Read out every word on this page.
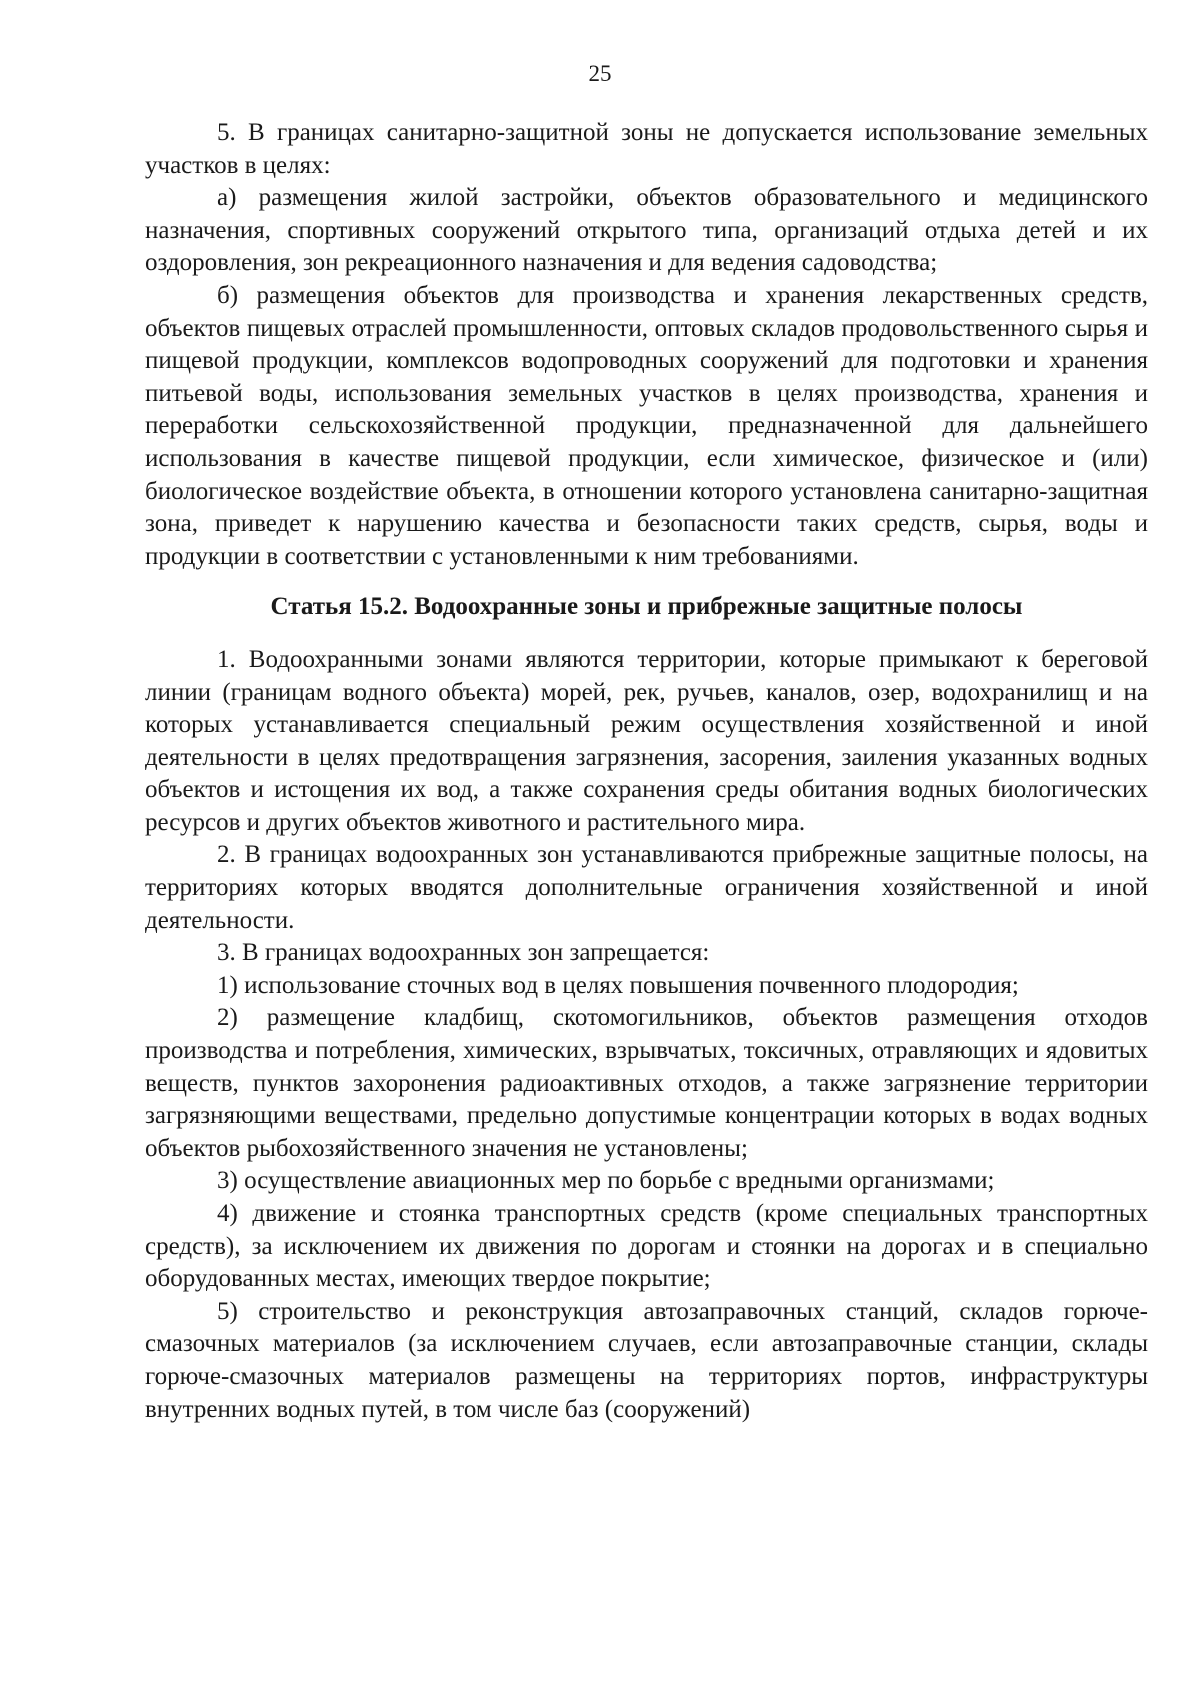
25

5. В границах санитарно-защитной зоны не допускается использование земельных участков в целях:

а) размещения жилой застройки, объектов образовательного и медицинского назначения, спортивных сооружений открытого типа, организаций отдыха детей и их оздоровления, зон рекреационного назначения и для ведения садоводства;

б) размещения объектов для производства и хранения лекарственных средств, объектов пищевых отраслей промышленности, оптовых складов продовольственного сырья и пищевой продукции, комплексов водопроводных сооружений для подготовки и хранения питьевой воды, использования земельных участков в целях производства, хранения и переработки сельскохозяйственной продукции, предназначенной для дальнейшего использования в качестве пищевой продукции, если химическое, физическое и (или) биологическое воздействие объекта, в отношении которого установлена санитарно-защитная зона, приведет к нарушению качества и безопасности таких средств, сырья, воды и продукции в соответствии с установленными к ним требованиями.

Статья 15.2. Водоохранные зоны и прибрежные защитные полосы

1. Водоохранными зонами являются территории, которые примыкают к береговой линии (границам водного объекта) морей, рек, ручьев, каналов, озер, водохранилищ и на которых устанавливается специальный режим осуществления хозяйственной и иной деятельности в целях предотвращения загрязнения, засорения, заиления указанных водных объектов и истощения их вод, а также сохранения среды обитания водных биологических ресурсов и других объектов животного и растительного мира.

2. В границах водоохранных зон устанавливаются прибрежные защитные полосы, на территориях которых вводятся дополнительные ограничения хозяйственной и иной деятельности.

3. В границах водоохранных зон запрещается:

1) использование сточных вод в целях повышения почвенного плодородия;

2) размещение кладбищ, скотомогильников, объектов размещения отходов производства и потребления, химических, взрывчатых, токсичных, отравляющих и ядовитых веществ, пунктов захоронения радиоактивных отходов, а также загрязнение территории загрязняющими веществами, предельно допустимые концентрации которых в водах водных объектов рыбохозяйственного значения не установлены;

3) осуществление авиационных мер по борьбе с вредными организмами;

4) движение и стоянка транспортных средств (кроме специальных транспортных средств), за исключением их движения по дорогам и стоянки на дорогах и в специально оборудованных местах, имеющих твердое покрытие;

5) строительство и реконструкция автозаправочных станций, складов горюче-смазочных материалов (за исключением случаев, если автозаправочные станции, склады горюче-смазочных материалов размещены на территориях портов, инфраструктуры внутренних водных путей, в том числе баз (сооружений)
